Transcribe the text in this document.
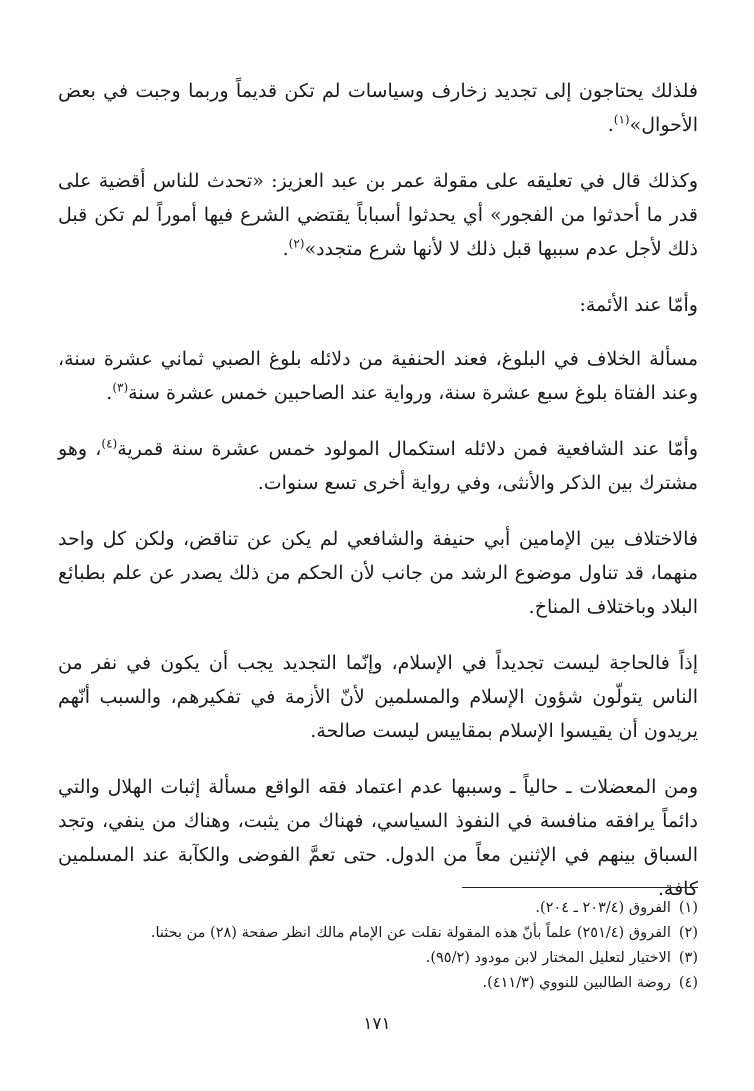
فلذلك يحتاجون إلى تجديد زخارف وسياسات لم تكن قديماً وربما وجبت في بعض الأحوال»$^{(١)}$.

وكذلك قال في تعليقه على مقولة عمر بن عبد العزيز: «تحدث للناس أقضية على قدر ما أحدثوا من الفجور» أي يحدثوا أسباباً يقتضي الشرع فيها أموراً لم تكن قبل ذلك لأجل عدم سببها قبل ذلك لا لأنها شرع متجدد»$^{(٢)}$.

وأمّا عند الأئمة:

مسألة الخلاف في البلوغ، فعند الحنفية من دلائله بلوغ الصبي ثماني عشرة سنة، وعند الفتاة بلوغ سبع عشرة سنة، ورواية عند الصاحبين خمس عشرة سنة$^{(٣)}$.

وأمّا عند الشافعية فمن دلائله استكمال المولود خمس عشرة سنة قمرية$^{(٤)}$، وهو مشترك بين الذكر والأنثى، وفي رواية أخرى تسع سنوات.

فالاختلاف بين الإمامين أبي حنيفة والشافعي لم يكن عن تناقض، ولكن كل واحد منهما، قد تناول موضوع الرشد من جانب لأن الحكم من ذلك يصدر عن علم بطبائع البلاد وباختلاف المناخ.

إذاً فالحاجة ليست تجديداً في الإسلام، وإنّما التجديد يجب أن يكون في نفر من الناس يتولّون شؤون الإسلام والمسلمين لأنّ الأزمة في تفكيرهم، والسبب أنّهم يريدون أن يقيسوا الإسلام بمقاييس ليست صالحة.

ومن المعضلات ـ حالياً ـ وسببها عدم اعتماد فقه الواقع مسألة إثبات الهلال والتي دائماً يرافقه منافسة في النفوذ السياسي، فهناك من يثبت، وهناك من ينفي، وتجد السباق بينهم في الإثنين معاً من الدول. حتى تعمَّ الفوضى والكآبة عند المسلمين كافة.

(١)الفروق (٢٠٣/٤ ـ ٢٠٤).
(٢)الفروق (٢٥١/٤) علماً بأنّ هذه المقولة نقلت عن الإمام مالك انظر صفحة (٢٨) من بحثنا.
(٣)الاختيار لتعليل المختار لابن مودود (٩٥/٢).
(٤)روضة الطالبين للنووي (٤١١/٣).
١٧١
